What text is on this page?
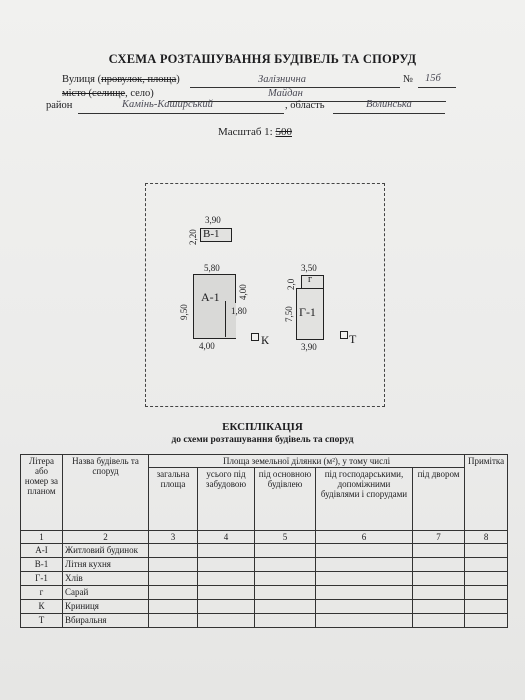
СХЕМА РОЗТАШУВАННЯ БУДІВЕЛЬ ТА СПОРУД
Вулиця (провулок, площа)	Залізнична	№ 15б
місто (селище, село)	Майдан
район	Камінь-Каширський	, область	Волинська
Масштаб 1: 500
В-1
3,90
2,20
А-1
5,80
9,50
4,00
1,80
4,00
г
3,50
2,0
Г-1
7,50
3,90
К	Т
ЕКСПЛІКАЦІЯ
до схеми розташування будівель та споруд
Літера або номер за планом	Назва будівель та споруд	Площа земельної ділянки (м²), у тому числі					Примітка
		загальна площа	усього під забудовою	під основною будівлею	під господарськими, допоміжними будівлями і спорудами	під двором	
1	2	3	4	5	6	7	8
А-І	Житловий будинок						
В-1	Літня кухня						
Г-1	Хлів						
г	Сарай						
К	Криниця						
Т	Вбиральня						
